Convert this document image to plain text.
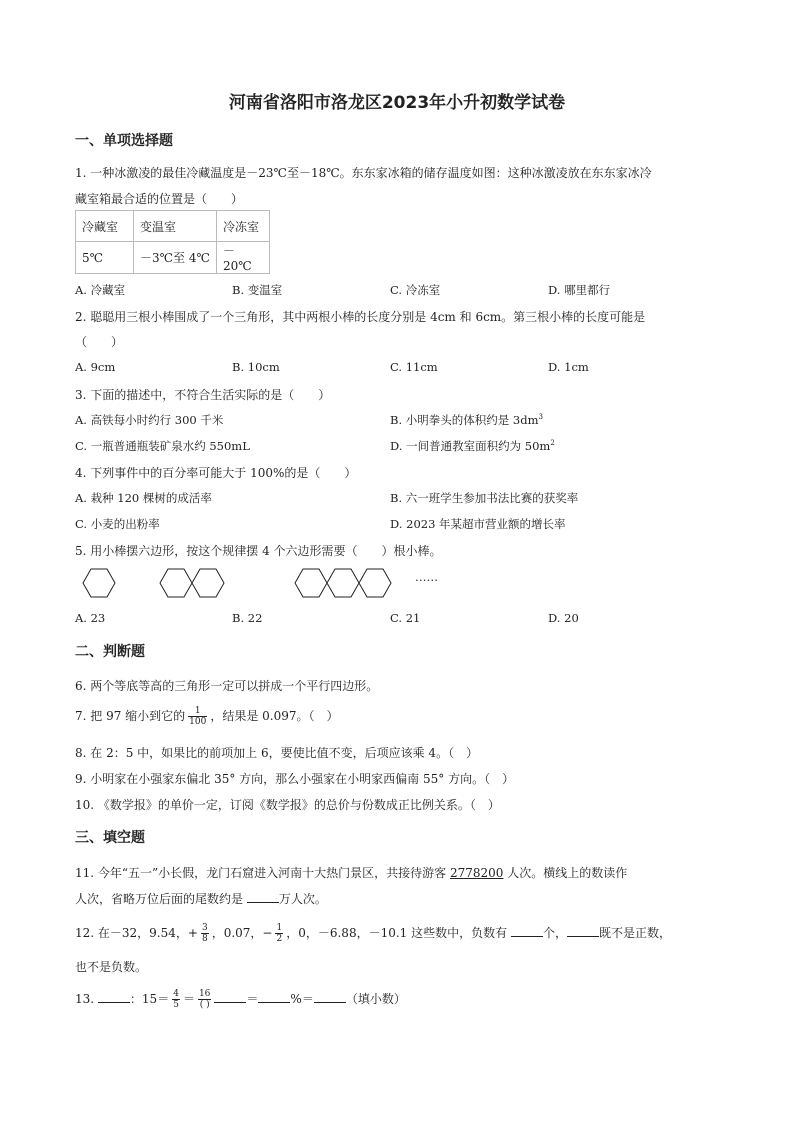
河南省洛阳市洛龙区2023年小升初数学试卷
一、单项选择题
1. 一种冰激凌的最佳冷藏温度是－23℃至－18℃。东东家冰箱的储存温度如图：这种冰激凌放在东东家冰冷
藏室箱最合适的位置是（　　）
冷藏室	变温室	冷冻室
5℃	－3℃至 4℃	－20℃
A. 冷藏室	B. 变温室	C. 冷冻室	D. 哪里都行
2. 聪聪用三根小棒围成了一个三角形，其中两根小棒的长度分别是 4cm 和 6cm。第三根小棒的长度可能是
（　　）
A. 9cm	B. 10cm	C. 11cm	D. 1cm
3. 下面的描述中，不符合生活实际的是（　　）
A. 高铁每小时约行 300 千米	B. 小明拳头的体积约是 $3dm^3$
C. 一瓶普通瓶装矿泉水约 550mL	D. 一间普通教室面积约为 $50m^2$
4. 下列事件中的百分率可能大于 100%的是（　　）
A. 栽种 120 棵树的成活率	B. 六一班学生参加书法比赛的获奖率
C. 小麦的出粉率	D. 2023 年某超市营业额的增长率
5. 用小棒摆六边形，按这个规律摆 4 个六边形需要（　　）根小棒。
……
A. 23	B. 22	C. 21	D. 20
二、判断题
6. 两个等底等高的三角形一定可以拼成一个平行四边形。
7. 把 97 缩小到它的 $\frac{1}{100}$ ，结果是 0.097。（　）
8. 在 2：5 中，如果比的前项加上 6，要使比值不变，后项应该乘 4。（　）
9. 小明家在小强家东偏北 35° 方向，那么小强家在小明家西偏南 55° 方向。（　）
10. 《数学报》的单价一定，订阅《数学报》的总价与份数成正比例关系。（　）
三、填空题
11. 今年“五一”小长假，龙门石窟进入河南十大热门景区，共接待游客 2778200 人次。横线上的数读作
人次，省略万位后面的尾数约是	万人次。
12. 在－32，9.54，+ $\frac{3}{8}$ ，0.07，− $\frac{1}{2}$ ，0，－6.88，－10.1 这些数中，负数有	个，	既不是正数，
也不是负数。
13.	：$15= \frac{4}{5} = \frac{16}{( )}$	＝	%＝	（填小数）
